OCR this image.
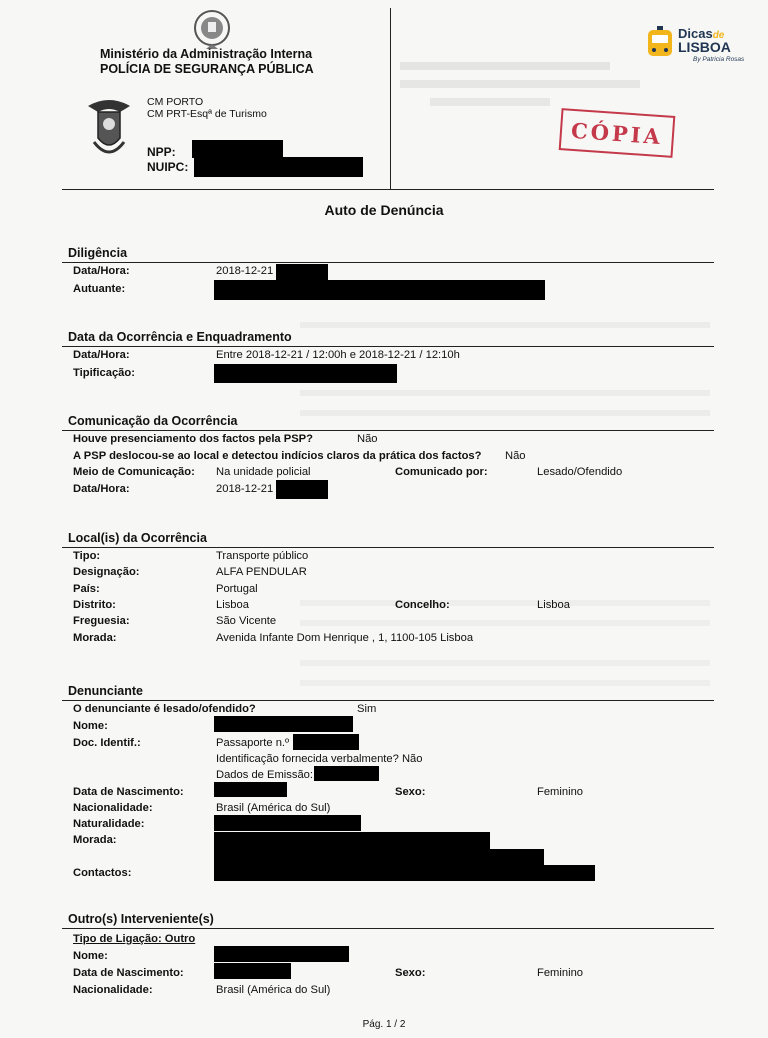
Ministério da Administração Interna
POLÍCIA DE SEGURANÇA PÚBLICA
CM PORTO
CM PRT-Esqª de Turismo
NPP:
NUIPC:
CÓPIA
Dicasde
LISBOA
By Patricia Rosas
Auto de Denúncia
Diligência
Data/Hora:	2018-12-21
Autuante:
Data da Ocorrência e Enquadramento
Data/Hora:	Entre 2018-12-21 / 12:00h e 2018-12-21 / 12:10h
Tipificação:
Comunicação da Ocorrência
Houve presenciamento dos factos pela PSP?	Não
A PSP deslocou-se ao local e detectou indícios claros da prática dos factos? Não
Meio de Comunicação: Na unidade policial	Comunicado por:	Lesado/Ofendido
Data/Hora:	2018-12-21
Local(is) da Ocorrência
Tipo:	Transporte público
Designação:	ALFA PENDULAR
País:	Portugal
Distrito:	Lisboa	Concelho:	Lisboa
Freguesia:	São Vicente
Morada:	Avenida Infante Dom Henrique , 1, 1100-105 Lisboa
Denunciante
O denunciante é lesado/ofendido?	Sim
Nome:
Doc. Identif.:	Passaporte n.º
Identificação fornecida verbalmente? Não
Dados de Emissão:
Data de Nascimento:	Sexo:	Feminino
Nacionalidade:	Brasil (América do Sul)
Naturalidade:
Morada:
Contactos:
Outro(s) Interveniente(s)
Tipo de Ligação: Outro
Nome:
Data de Nascimento:	Sexo:	Feminino
Nacionalidade:	Brasil (América do Sul)
Pág. 1 / 2
